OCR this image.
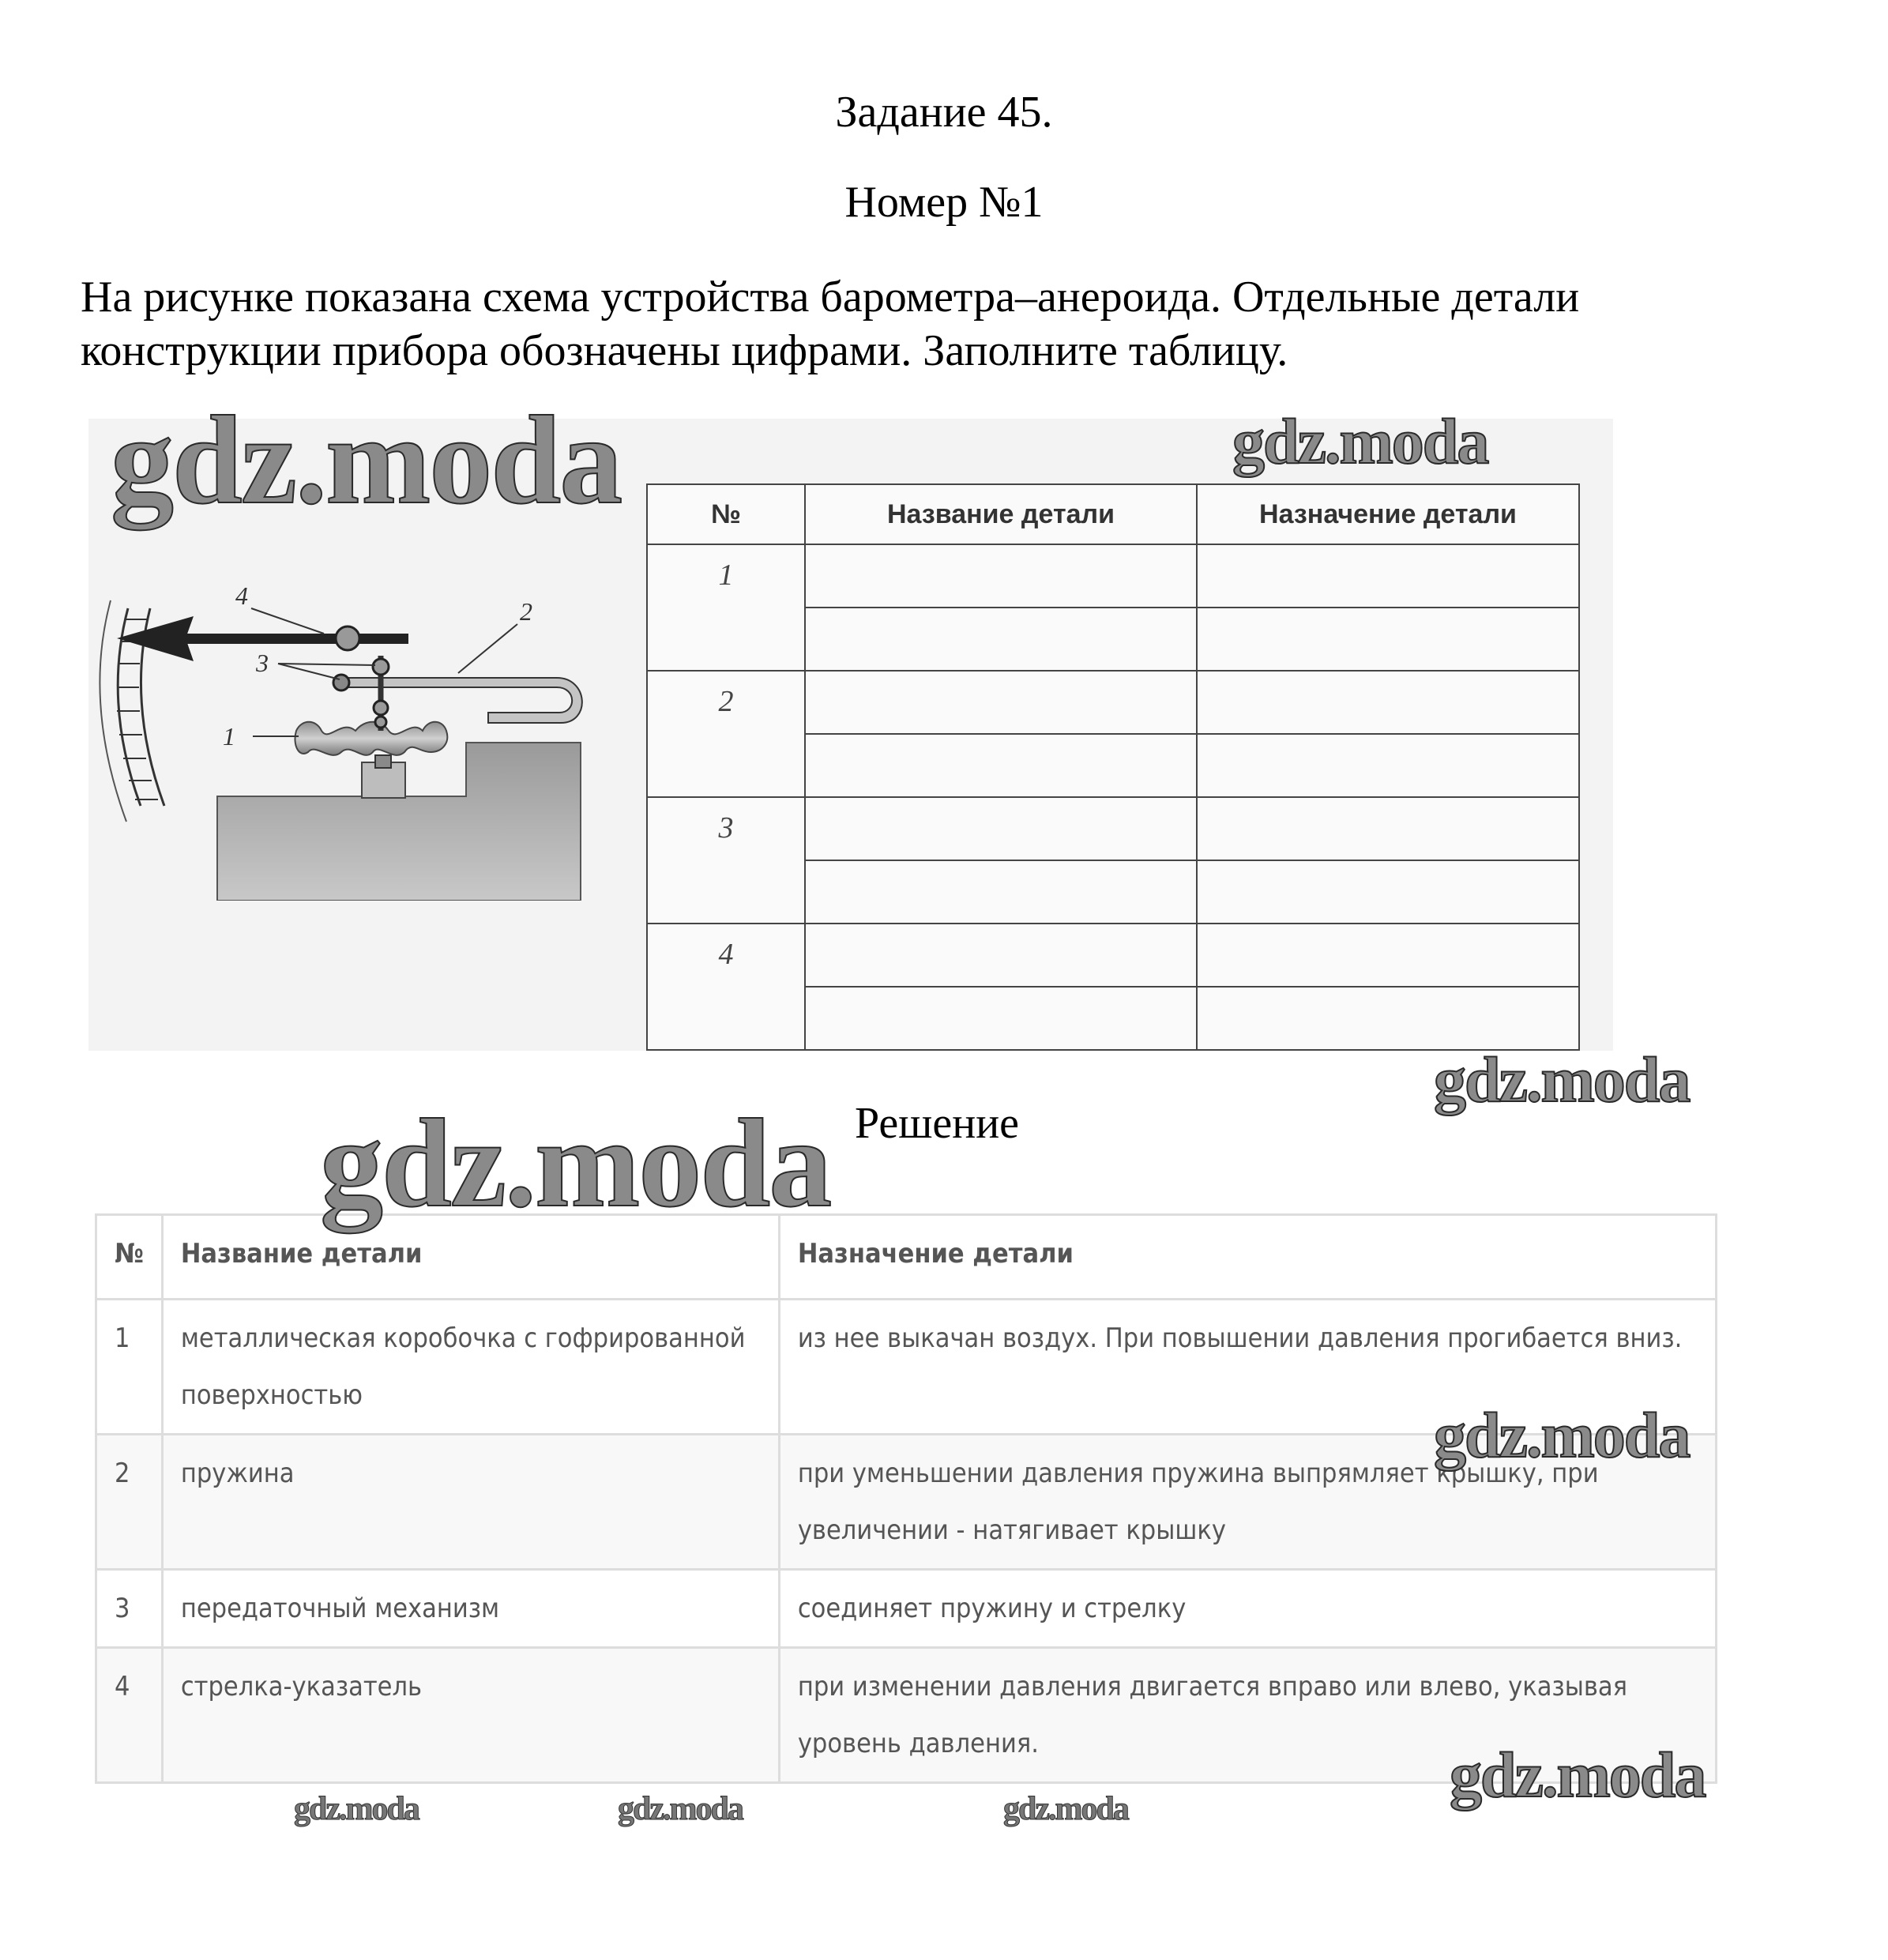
Задание 45.
Номер №1
На рисунке показана схема устройства барометра–анероида. Отдельные детали конструкции прибора обозначены цифрами. Заполните таблицу.
4
2
3
1
№	Название детали	Назначение детали
1		

2		

3		

4		

Решение
№	Название детали	Назначение детали
1	металлическая коробочка с гофрированной поверхностью	из нее выкачан воздух. При повышении давления прогибается вниз.
2	пружина	при уменьшении давления пружина выпрямляет крышку, при увеличении - натягивает крышку
3	передаточный механизм	соединяет пружину и стрелку
4	стрелка-указатель	при изменении давления двигается вправо или влево, указывая уровень давления.
gdz.moda	gdz.moda
gdz.moda
gdz.moda
gdz.moda
gdz.moda
gdz.moda	gdz.moda	gdz.moda
